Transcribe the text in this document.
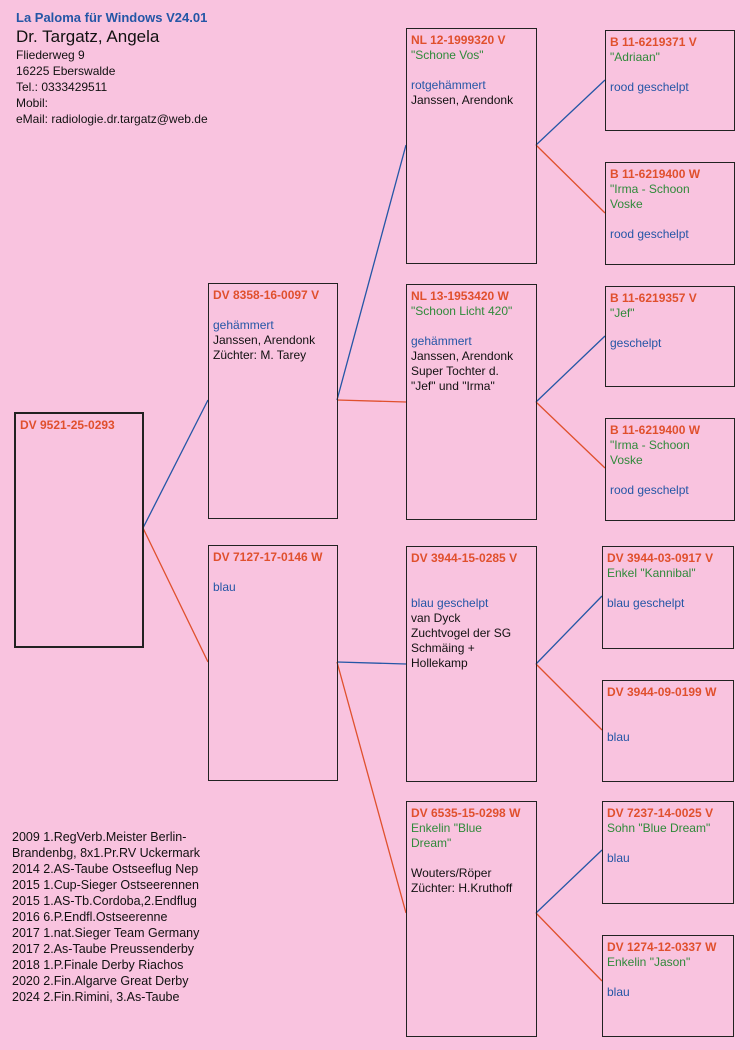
La Paloma für Windows V24.01
Dr. Targatz, Angela
Fliederweg 9
16225 Eberswalde
Tel.: 0333429511
Mobil:
eMail: radiologie.dr.targatz@web.de
DV 9521-25-0293
DV 8358-16-0097 V
gehämmert
Janssen, Arendonk
Züchter: M. Tarey
DV 7127-17-0146 W
blau
NL 12-1999320 V
"Schone Vos"
rotgehämmert
Janssen, Arendonk
NL 13-1953420 W
"Schoon Licht 420"
gehämmert
Janssen, Arendonk
Super Tochter d.
"Jef" und "Irma"
DV 3944-15-0285 V
blau geschelpt
van Dyck
Zuchtvogel der SG
Schmäing +
Hollekamp
DV 6535-15-0298 W
Enkelin "Blue
Dream"
Wouters/Röper
Züchter: H.Kruthoff
B 11-6219371 V
"Adriaan"
rood geschelpt
B 11-6219400 W
"Irma - Schoon
Voske
rood geschelpt
B 11-6219357 V
"Jef"
geschelpt
B 11-6219400 W
"Irma - Schoon
Voske
rood geschelpt
DV 3944-03-0917 V
Enkel "Kannibal"
blau geschelpt
DV 3944-09-0199 W
blau
DV 7237-14-0025 V
Sohn "Blue Dream"
blau
DV 1274-12-0337 W
Enkelin "Jason"
blau
2009 1.RegVerb.Meister Berlin-
Brandenbg, 8x1.Pr.RV Uckermark
2014 2.AS-Taube Ostseeflug Nep
2015 1.Cup-Sieger Ostseerennen
2015 1.AS-Tb.Cordoba,2.Endflug
2016 6.P.Endfl.Ostseerenne
2017 1.nat.Sieger Team Germany
2017 2.As-Taube Preussenderby
2018 1.P.Finale Derby Riachos
2020 2.Fin.Algarve Great Derby
2024 2.Fin.Rimini, 3.As-Taube
